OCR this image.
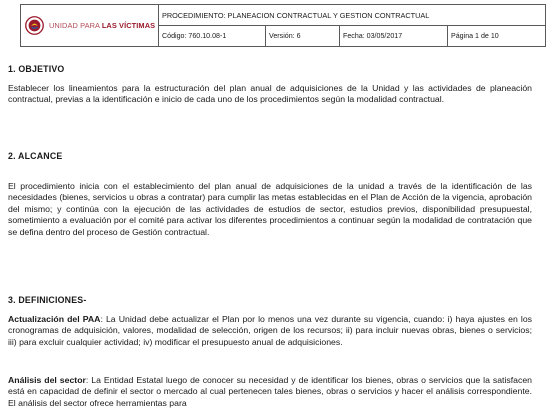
UNIDAD PARA LAS VÍCTIMAS
PROCEDIMIENTO: PLANEACION CONTRACTUAL Y GESTION CONTRACTUAL
Código: 760.10.08-1	Versión: 6	Fecha: 03/05/2017	Página 1 de 10
1. OBJETIVO

Establecer los lineamientos para la estructuración del plan anual de adquisiciones de la Unidad y las actividades de planeación contractual, previas a la identificación e inicio de cada uno de los procedimientos según la modalidad contractual.

2. ALCANCE

El procedimiento inicia con el establecimiento del plan anual de adquisiciones de la unidad a través de la identificación de las necesidades (bienes, servicios u obras a contratar) para cumplir las metas establecidas en el Plan de Acción de la vigencia, aprobación del mismo; y continúa con la ejecución de las actividades de estudios de sector, estudios previos, disponibilidad presupuestal, sometimiento a evaluación por el comité para activar los diferentes procedimientos a continuar según la modalidad de contratación que se defina dentro del proceso de Gestión contractual.

3. DEFINICIONES-

Actualización del PAA: La Unidad debe actualizar el Plan por lo menos una vez durante su vigencia, cuando: i) haya ajustes en los cronogramas de adquisición, valores, modalidad de selección, origen de los recursos; ii) para incluir nuevas obras, bienes o servicios; iii) para excluir cualquier actividad; iv) modificar el presupuesto anual de adquisiciones.

Análisis del sector: La Entidad Estatal luego de conocer su necesidad y de identificar los bienes, obras o servicios que la satisfacen está en capacidad de definir el sector o mercado al cual pertenecen tales bienes, obras o servicios y hacer el análisis correspondiente. El análisis del sector ofrece herramientas para
